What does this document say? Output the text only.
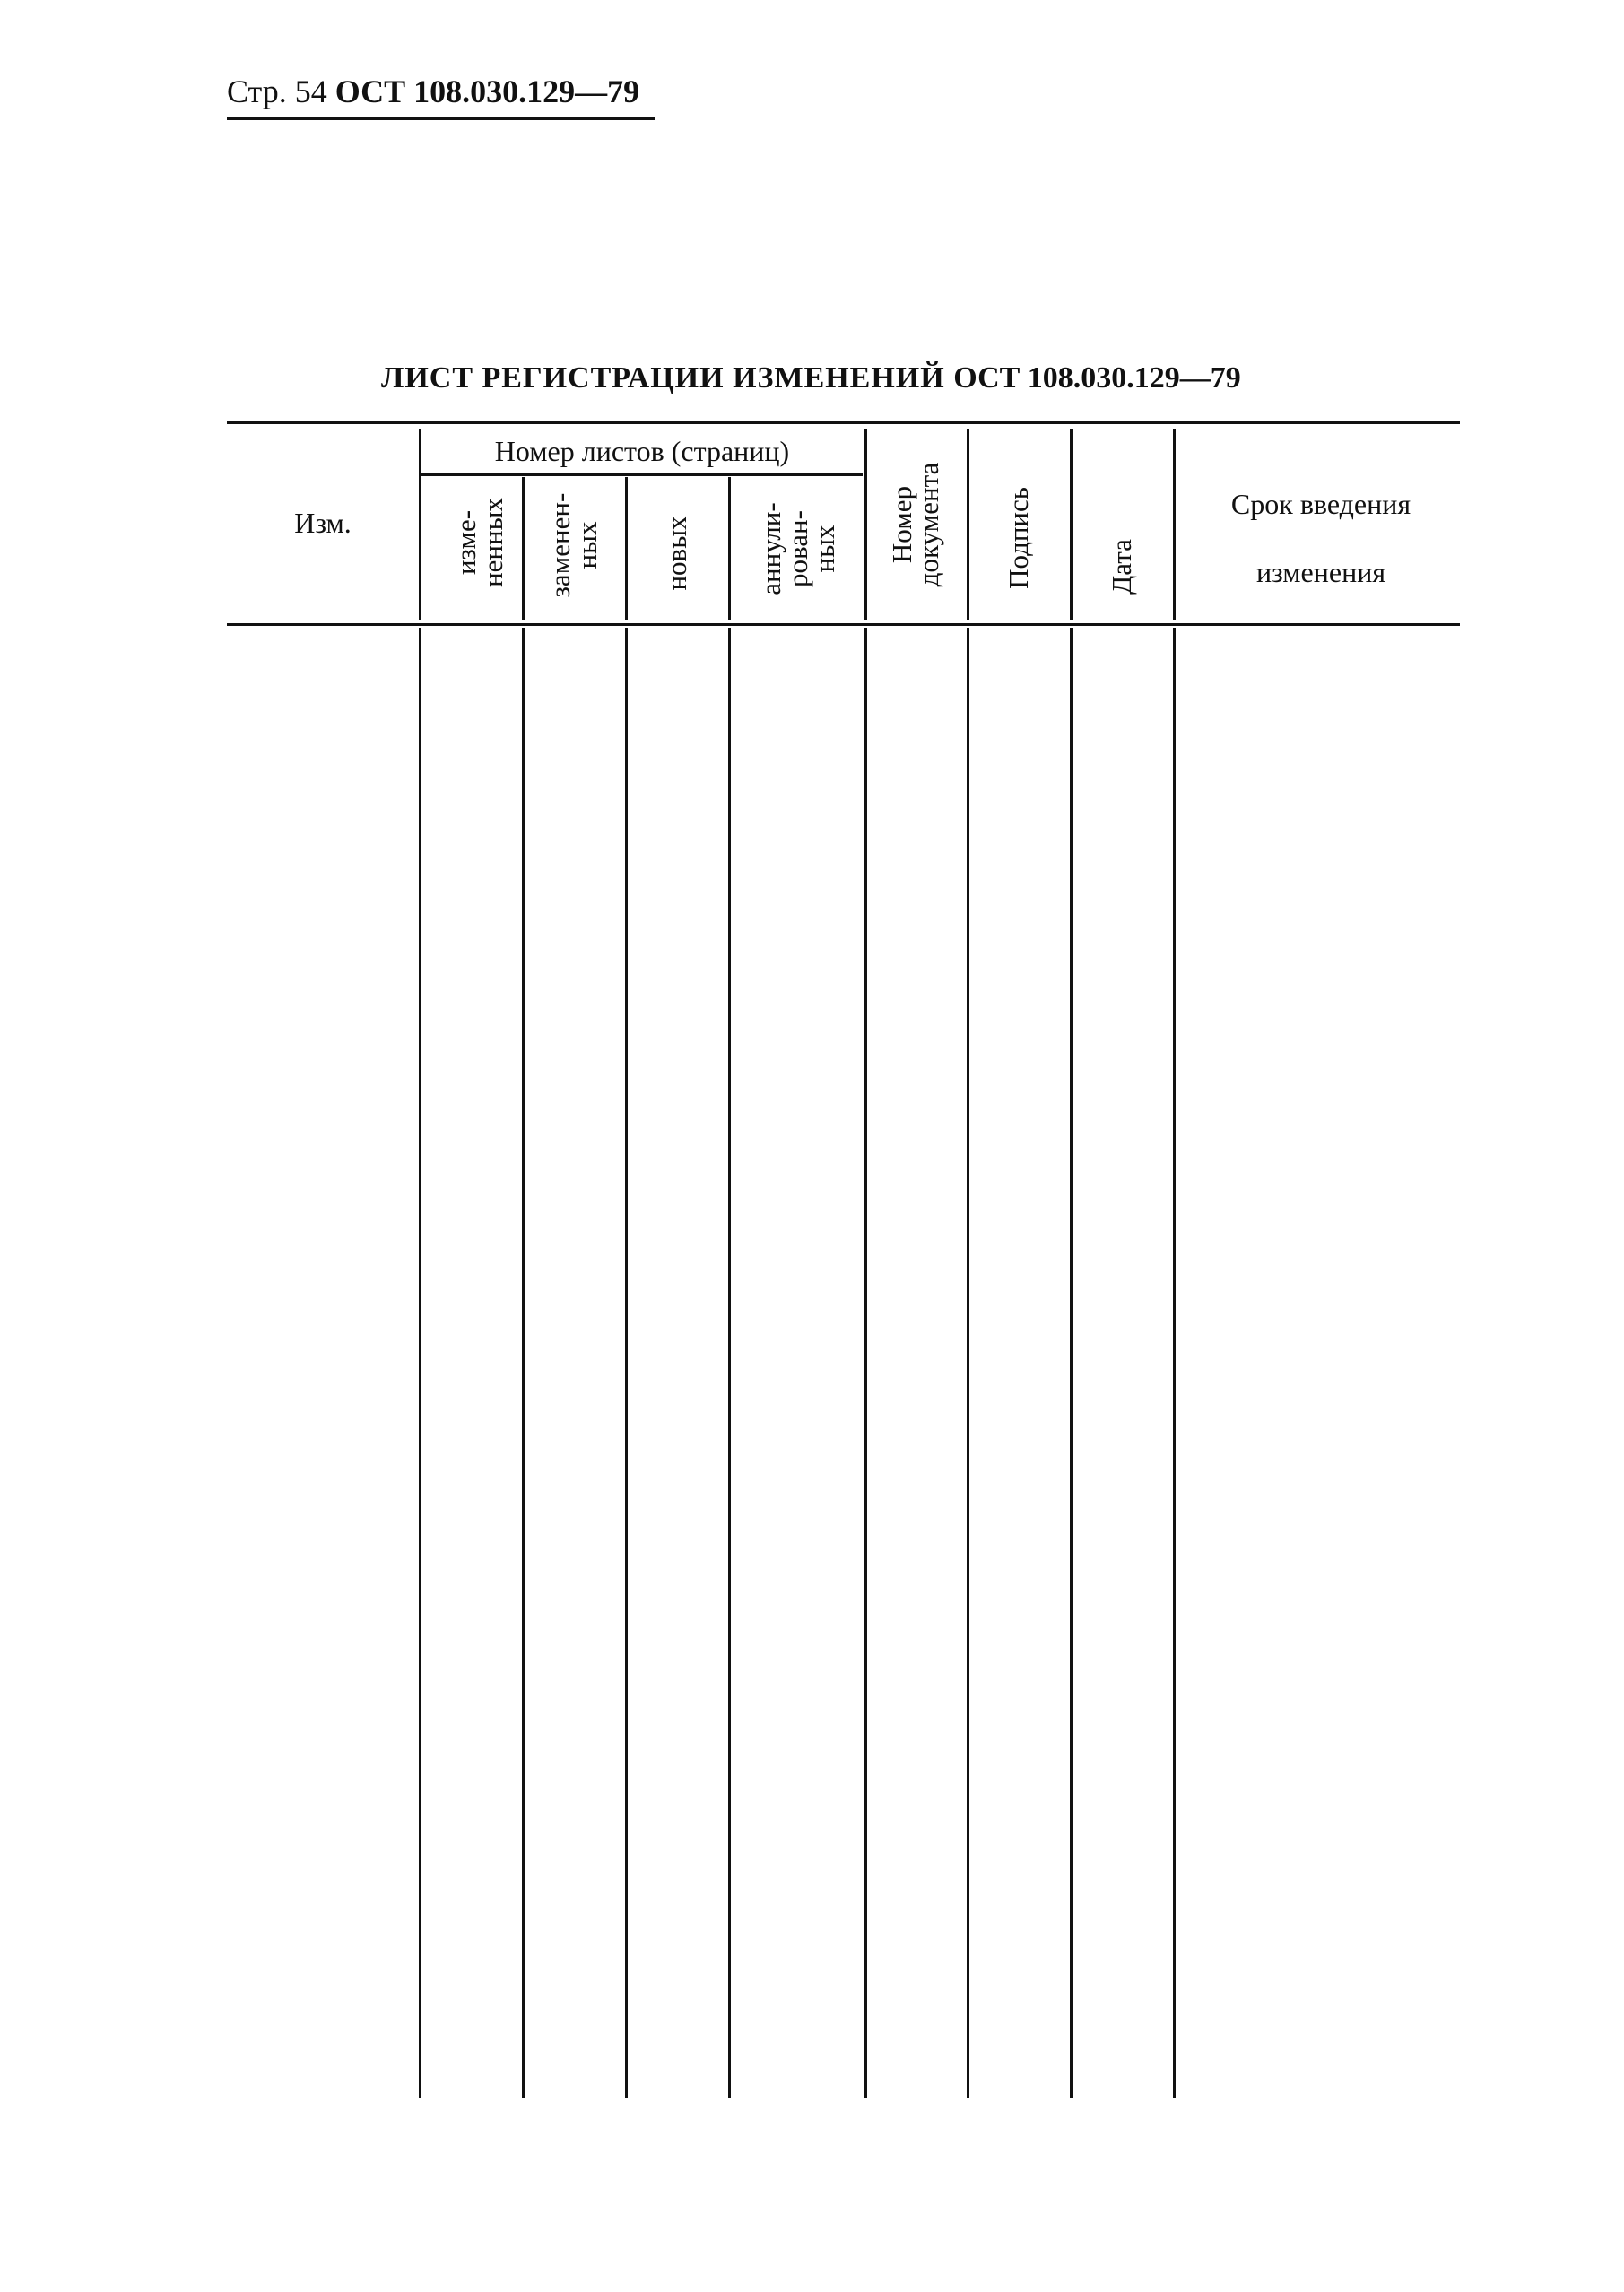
Стр. 54 ОСТ 108.030.129—79
ЛИСТ РЕГИСТРАЦИИ ИЗМЕНЕНИЙ ОСТ 108.030.129—79
Изм.
Номер листов (страниц)
изме-
ненных заменен-
ных новых аннули-
рован-
ных Номер
документа Подпись	Дата
Срок введения
изменения
